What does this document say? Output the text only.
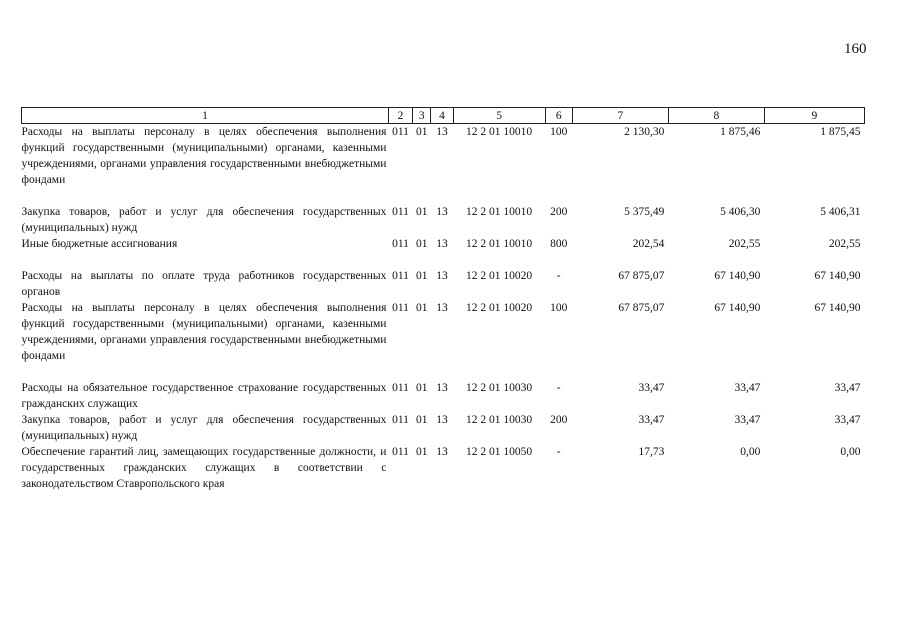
160
1	2	3	4	5	6	7	8	9
Расходы на выплаты персоналу в целях обеспечения выполнения функций государственными (муниципальными) органами, казенными учреждениями, органами управления государственными внебюджетными фондами	011	01	13	12 2 01 10010	100	2 130,30	1 875,46	1 875,45
Закупка товаров, работ и услуг для обеспечения государственных (муниципальных) нужд	011	01	13	12 2 01 10010	200	5 375,49	5 406,30	5 406,31
Иные бюджетные ассигнования	011	01	13	12 2 01 10010	800	202,54	202,55	202,55
Расходы на выплаты по оплате труда работников государственных органов	011	01	13	12 2 01 10020	-	67 875,07	67 140,90	67 140,90
Расходы на выплаты персоналу в целях обеспечения выполнения функций государственными (муниципальными) органами, казенными учреждениями, органами управления государственными внебюджетными фондами	011	01	13	12 2 01 10020	100	67 875,07	67 140,90	67 140,90
Расходы на обязательное государственное страхование государственных гражданских служащих	011	01	13	12 2 01 10030	-	33,47	33,47	33,47
Закупка товаров, работ и услуг для обеспечения государственных (муниципальных) нужд	011	01	13	12 2 01 10030	200	33,47	33,47	33,47
Обеспечение гарантий лиц, замещающих государственные должности, и государственных гражданских служащих в соответствии с законодательством Ставропольского края	011	01	13	12 2 01 10050	-	17,73	0,00	0,00
